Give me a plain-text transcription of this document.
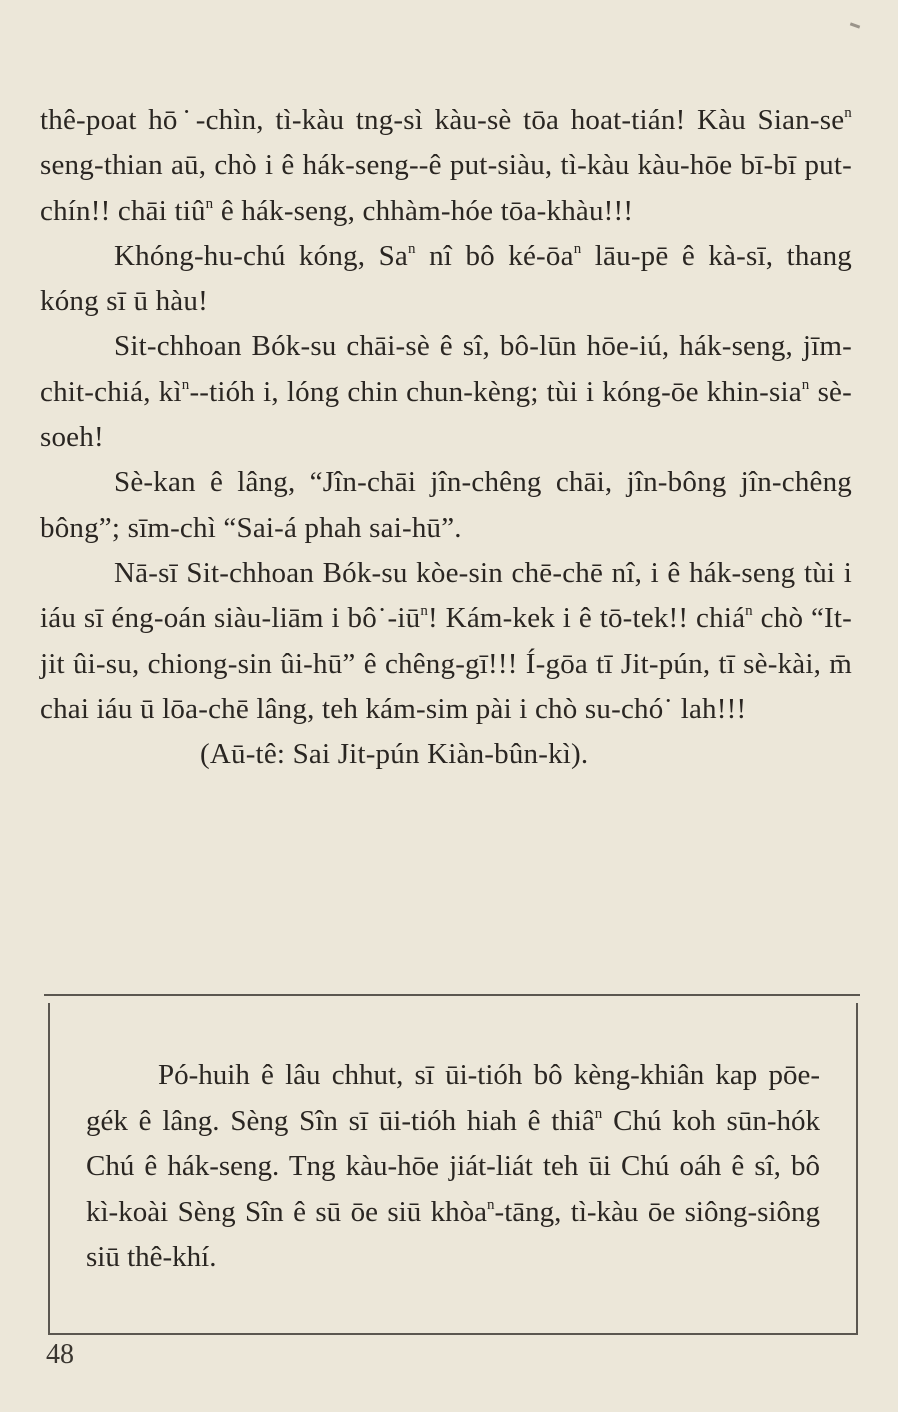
thê-poat hō˙-chìn, tì-kàu tng-sì kàu-sè tōa hoat-tián! Kàu Sian-$se^n$ seng-thian aū, chò i ê hák-seng--ê put-siàu, tì-kàu kàu-hōe bī-bī put-chín!! chāi tiû$^n$ ê hák-seng, chhàm-hóe tōa-khàu!!!

Khóng-hu-chú kóng, Sa$^n$ nî bô $ké-ōa^n$ lāu-pē ê kà-sī, thang kóng sī ū hàu!

Sit-chhoan Bók-su chāi-sè ê sî, bô-lūn hōe-iú, hák-seng, jīm-chit-chiá, $kì^n-$-tióh i, lóng chin chun-kèng; tùi i kóng-ōe khin-sia$^n$ sè-soeh!

Sè-kan ê lâng, “Jîn-chāi jîn-chêng chāi, jîn-bông jîn-chêng bông”; sīm-chì “Sai-á phah sai-hū”.

Nā-sī Sit-chhoan Bók-su kòe-sin chē-chē nî, i ê hák-seng tùi i iáu sī éng-oán siàu-liām i $bô˙-iū^n$! Kám-kek i ê tō-tek!! chiá$^n$ chò “It-jit ûi-su, chiong-sin ûi-hū” ê chêng-gī!!! Í-gōa tī Jit-pún, tī sè-kài, m̄ chai iáu ū lōa-chē lâng, teh kám-sim pài i chò su-chó˙ lah!!!

(Aū-tê: Sai Jit-pún Kiàn-bûn-kì).

Pó-huih ê lâu chhut, sī ūi-tióh bô kèng-khiân kap pōe-gék ê lâng. Sèng Sîn sī ūi-tióh hiah ê thiâ$^n$ Chú koh sūn-hók Chú ê hák-seng. Tng kàu-hōe jiát-liát teh ūi Chú oáh ê sî, bô kì-koài Sèng Sîn ê sū ōe siū khòa$^n$-tāng, tì-kàu ōe siông-siông siū thê-khí.

48
